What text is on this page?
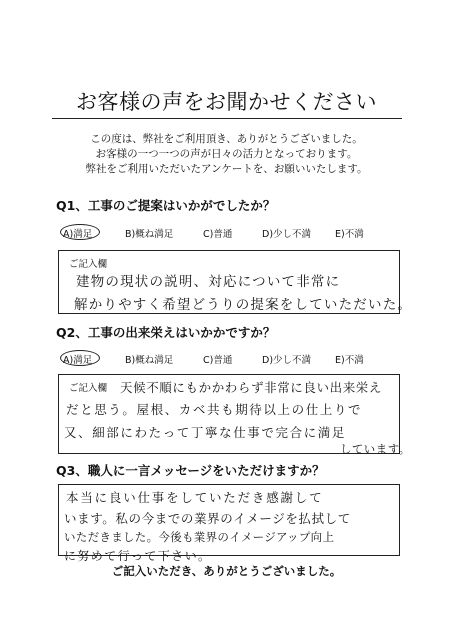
お客様の声をお聞かせください
この度は、弊社をご利用頂き、ありがとうございました。
お客様の一つ一つの声が日々の活力となっております。
弊社をご利用いただいたアンケートを、お願いいたします。
Q1、工事のご提案はいかがでしたか？
A)満足	B)概ね満足	C)普通	D)少し不満	E)不満
ご記入欄
建物の現状の説明、対応について非常に
解かりやすく希望どうりの提案をしていただいた。
Q2、工事の出来栄えはいかかですか？
A)満足	B)概ね満足	C)普通	D)少し不満	E)不満
ご記入欄 天候不順にもかかわらず非常に良い出来栄え
だと思う。屋根、カベ共も期待以上の仕上りで
又、細部にわたって丁寧な仕事で完合に満足
しています。
Q3、職人に一言メッセージをいただけますか？
本当に良い仕事をしていただき感謝して
います。私の今までの業界のイメージを払拭して
いただきました。今後も業界のイメージアップ向上
に努めて行って下さい。
ご記入いただき、ありがとうございました。
